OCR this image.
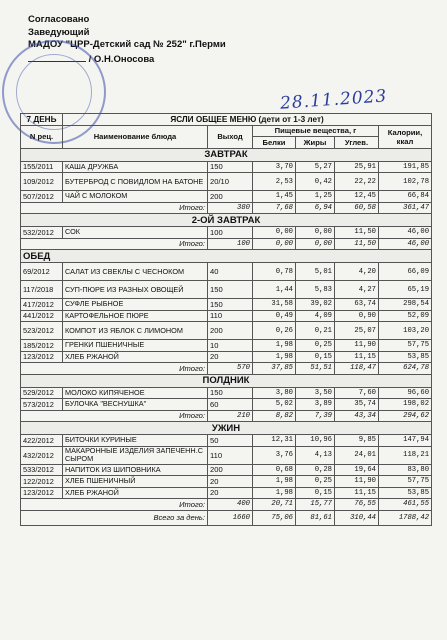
Согласовано
Заведующий
МАДОУ "ЦРР-Детский сад № 252" г.Перми
/ О.Н.Оносова
28.11.2023
7 ДЕНЬ	ЯСЛИ ОБЩЕЕ МЕНЮ (дети от 1-3 лет)					
N рец.	Наименование блюда	Выход	Пищевые вещества, г			Калории, ккал
			Белки	Жиры	Углев.	
ЗАВТРАК						
155/2011	КАША ДРУЖБА	150	3,70	5,27	25,91	191,85
109/2012	БУТЕРБРОД С ПОВИДЛОМ НА БАТОНЕ	20/10	2,53	0,42	22,22	102,78
507/2012	ЧАЙ С МОЛОКОМ	200	1,45	1,25	12,45	66,84
Итого:		380	7,68	6,94	60,58	361,47
2-ОЙ ЗАВТРАК						
532/2012	СОК	100	0,00	0,00	11,50	46,00
Итого:		100	0,00	0,00	11,50	46,00
ОБЕД						
69/2012	САЛАТ ИЗ СВЕКЛЫ С ЧЕСНОКОМ	40	0,78	5,01	4,20	66,09
117/2018	СУП-ПЮРЕ ИЗ РАЗНЫХ ОВОЩЕЙ	150	1,44	5,83	4,27	65,19
417/2012	СУФЛЕ РЫБНОЕ	150	31,58	39,02	63,74	298,54
441/2012	КАРТОФЕЛЬНОЕ ПЮРЕ	110	0,49	4,09	0,90	52,09
523/2012	КОМПОТ ИЗ ЯБЛОК С ЛИМОНОМ	200	0,26	0,21	25,07	103,20
185/2012	ГРЕНКИ ПШЕНИЧНЫЕ	10	1,98	0,25	11,90	57,75
123/2012	ХЛЕБ РЖАНОЙ	20	1,98	0,15	11,15	53,85
Итого:		570	37,85	51,51	118,47	624,78
ПОЛДНИК						
529/2012	МОЛОКО КИПЯЧЕНОЕ	150	3,80	3,50	7,60	96,60
573/2012	БУЛОЧКА "ВЕСНУШКА"	60	5,02	3,89	35,74	198,02
Итого:		210	8,82	7,39	43,34	294,62
УЖИН						
422/2012	БИТОЧКИ КУРИНЫЕ	50	12,31	10,96	9,85	147,94
432/2012	МАКАРОННЫЕ ИЗДЕЛИЯ ЗАПЕЧЕНН.С СЫРОМ	110	3,76	4,13	24,01	118,21
533/2012	НАПИТОК ИЗ ШИПОВНИКА	200	0,68	0,28	19,64	83,80
122/2012	ХЛЕБ ПШЕНИЧНЫЙ	20	1,98	0,25	11,90	57,75
123/2012	ХЛЕБ РЖАНОЙ	20	1,98	0,15	11,15	53,85
Итого:		400	20,71	15,77	76,55	461,55
Всего за день:		1660	75,06	81,61	310,44	1788,42
